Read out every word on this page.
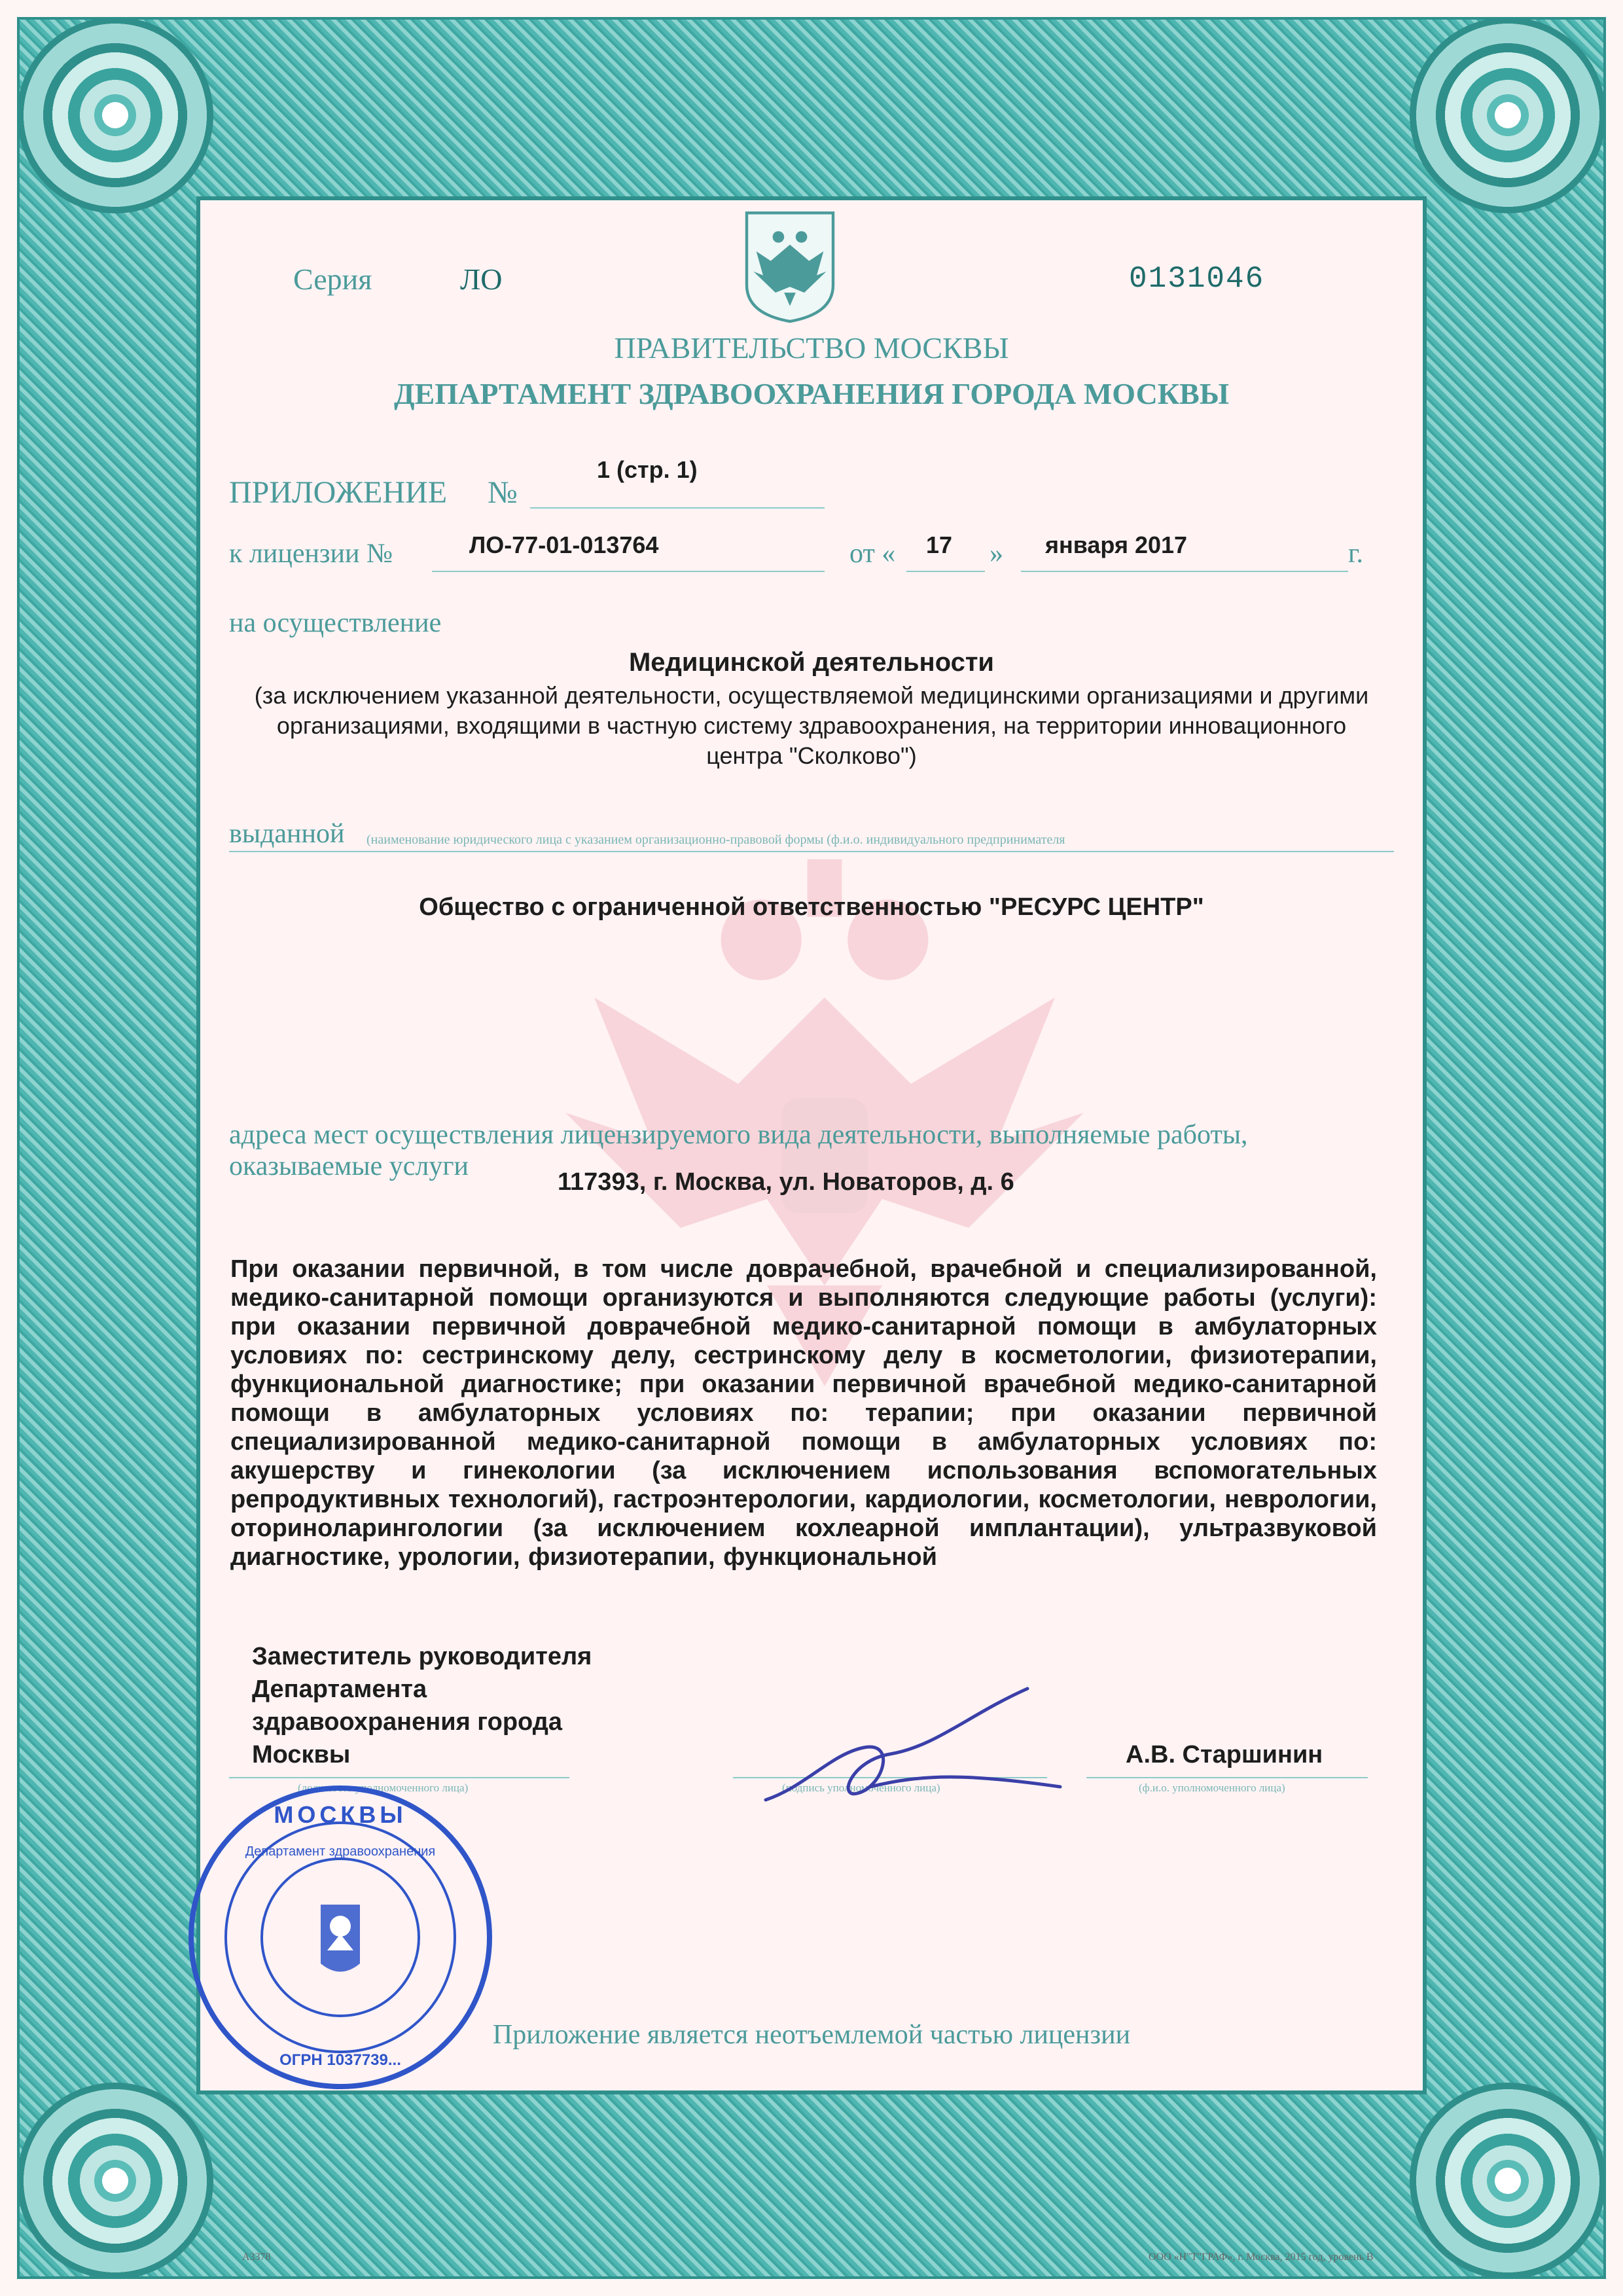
Серия	ЛО	0131046
ПРАВИТЕЛЬСТВО МОСКВЫ
ДЕПАРТАМЕНТ ЗДРАВООХРАНЕНИЯ ГОРОДА МОСКВЫ
ПРИЛОЖЕНИЕ №
1 (стр. 1)
к лицензии №	ЛО-77-01-013764	от « 17 » января 2017	г.
на осуществление
Медицинской деятельности
(за исключением указанной деятельности, осуществляемой медицинскими организациями и другими организациями, входящими в частную систему здравоохранения, на территории инновационного центра "Сколково")
выданной (наименование юридического лица с указанием организационно-правовой формы (ф.и.о. индивидуального предпринимателя
Общество с ограниченной ответственностью "РЕСУРС ЦЕНТР"
адреса мест осуществления лицензируемого вида деятельности, выполняемые работы,
оказываемые услуги
117393, г. Москва, ул. Новаторов, д. 6
При оказании первичной, в том числе доврачебной, врачебной и специализированной, медико-санитарной помощи организуются и выполняются следующие работы (услуги): при оказании первичной доврачебной медико-санитарной помощи в амбулаторных условиях по: сестринскому делу, сестринскому делу в косметологии, физиотерапии, функциональной диагностике; при оказании первичной врачебной медико-санитарной помощи в амбулаторных условиях по: терапии; при оказании первичной специализированной медико-санитарной помощи в амбулаторных условиях по: акушерству и гинекологии (за исключением использования вспомогательных репродуктивных технологий), гастроэнтерологии, кардиологии, косметологии, неврологии, оториноларингологии (за исключением кохлеарной имплантации), ультразвуковой диагностике, урологии, физиотерапии, функциональной
Заместитель руководителя
Департамента
здравоохранения города
Москвы	А.В. Старшинин
(должность уполномоченного лица)	(подпись уполномоченного лица)	(ф.и.о. уполномоченного лица)
МОСКВЫ
ОГРН 1037739...
Департамент здравоохранения
Приложение является неотъемлемой частью лицензии
А3378	ООО «Н"Т"ГРАФ», г. Москва, 2015 год, уровень В
